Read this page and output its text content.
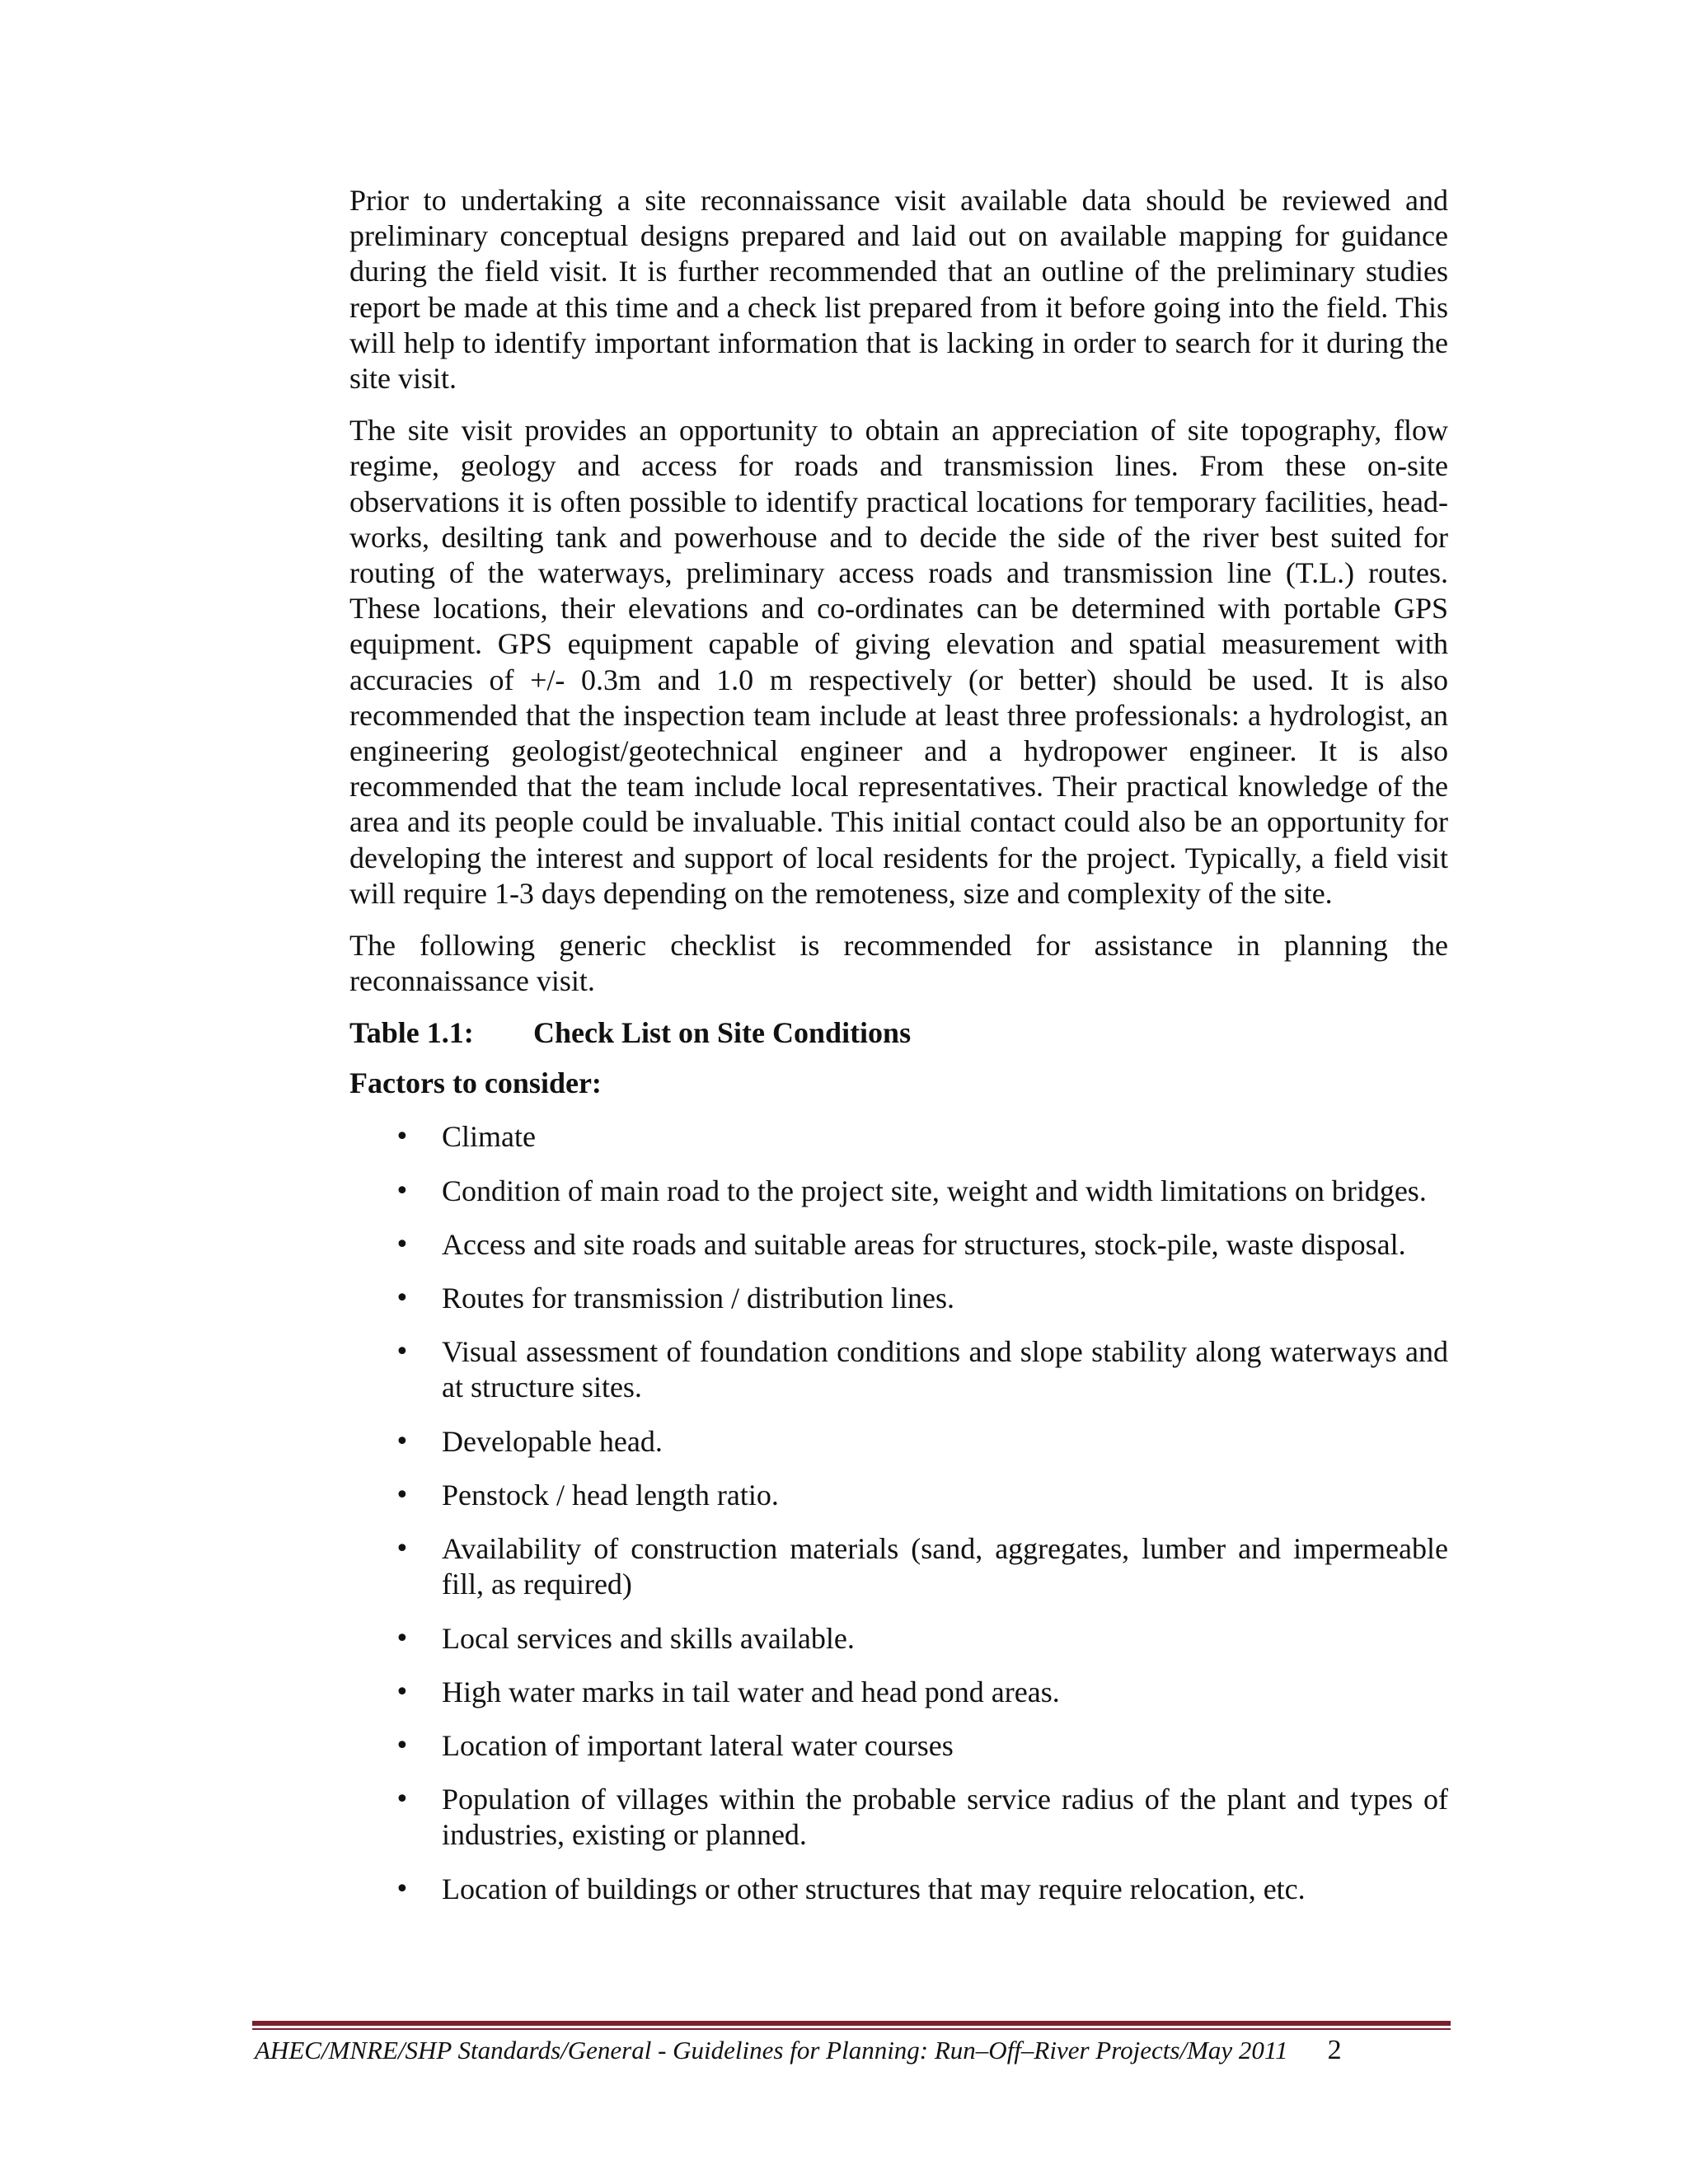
Prior to undertaking a site reconnaissance visit available data should be reviewed and preliminary conceptual designs prepared and laid out on available mapping for guidance during the field visit. It is further recommended that an outline of the preliminary studies report be made at this time and a check list prepared from it before going into the field. This will help to identify important information that is lacking in order to search for it during the site visit.

The site visit provides an opportunity to obtain an appreciation of site topography, flow regime, geology and access for roads and transmission lines. From these on-site observations it is often possible to identify practical locations for temporary facilities, head-works, desilting tank and powerhouse and to decide the side of the river best suited for routing of the waterways, preliminary access roads and transmission line (T.L.) routes. These locations, their elevations and co-ordinates can be determined with portable GPS equipment. GPS equipment capable of giving elevation and spatial measurement with accuracies of +/- 0.3m and 1.0 m respectively (or better) should be used. It is also recommended that the inspection team include at least three professionals: a hydrologist, an engineering geologist/geotechnical engineer and a hydropower engineer. It is also recommended that the team include local representatives. Their practical knowledge of the area and its people could be invaluable. This initial contact could also be an opportunity for developing the interest and support of local residents for the project. Typically, a field visit will require 1-3 days depending on the remoteness, size and complexity of the site.

The following generic checklist is recommended for assistance in planning the reconnaissance visit.

Table 1.1:	Check List on Site Conditions
Factors to consider:
• Climate
• Condition of main road to the project site, weight and width limitations on bridges.
• Access and site roads and suitable areas for structures, stock-pile, waste disposal.
• Routes for transmission / distribution lines.
• Visual assessment of foundation conditions and slope stability along waterways and at structure sites.
• Developable head.
• Penstock / head length ratio.
• Availability of construction materials (sand, aggregates, lumber and impermeable fill, as required)
• Local services and skills available.
• High water marks in tail water and head pond areas.
• Location of important lateral water courses
• Population of villages within the probable service radius of the plant and types of industries, existing or planned.
• Location of buildings or other structures that may require relocation, etc.
AHEC/MNRE/SHP Standards/General - Guidelines for Planning: Run–Off–River Projects/May 2011 2
